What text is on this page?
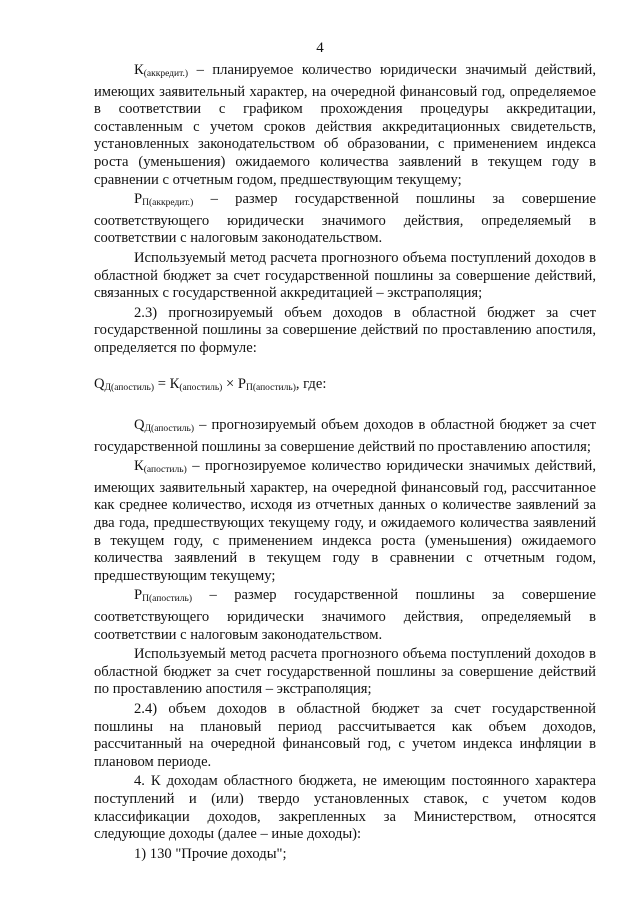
4

$К_{(аккредит.)}$ – планируемое количество юридически значимый действий, имеющих заявительный характер, на очередной финансовый год, определяемое в соответствии с графиком прохождения процедуры аккредитации, составленным с учетом сроков действия аккредитационных свидетельств, установленных законодательством об образовании, с применением индекса роста (уменьшения) ожидаемого количества заявлений в текущем году в сравнении с отчетным годом, предшествующим текущему;

$Р_{П(аккредит.)}$ – размер государственной пошлины за совершение соответствующего юридически значимого действия, определяемый в соответствии с налоговым законодательством.

Используемый метод расчета прогнозного объема поступлений доходов в областной бюджет за счет государственной пошлины за совершение действий, связанных с государственной аккредитацией – экстраполяция;

2.3) прогнозируемый объем доходов в областной бюджет за счет государственной пошлины за совершение действий по проставлению апостиля, определяется по формуле:

$Q_{Д(апостиль)} = К_{(апостиль)} \times Р_{П(апостиль)}$, где:

$Q_{Д(апостиль)}$ – прогнозируемый объем доходов в областной бюджет за счет государственной пошлины за совершение действий по проставлению апостиля;

$К_{(апостиль)}$ – прогнозируемое количество юридически значимых действий, имеющих заявительный характер, на очередной финансовый год, рассчитанное как среднее количество, исходя из отчетных данных о количестве заявлений за два года, предшествующих текущему году, и ожидаемого количества заявлений в текущем году, с применением индекса роста (уменьшения) ожидаемого количества заявлений в текущем году в сравнении с отчетным годом, предшествующим текущему;

$Р_{П(апостиль)}$ – размер государственной пошлины за совершение соответствующего юридически значимого действия, определяемый в соответствии с налоговым законодательством.

Используемый метод расчета прогнозного объема поступлений доходов в областной бюджет за счет государственной пошлины за совершение действий по проставлению апостиля – экстраполяция;

2.4) объем доходов в областной бюджет за счет государственной пошлины на плановый период рассчитывается как объем доходов, рассчитанный на очередной финансовый год, с учетом индекса инфляции в плановом периоде.

4. К доходам областного бюджета, не имеющим постоянного характера поступлений и (или) твердо установленных ставок, с учетом кодов классификации доходов, закрепленных за Министерством, относятся следующие доходы (далее – иные доходы):

1) 130 "Прочие доходы";
